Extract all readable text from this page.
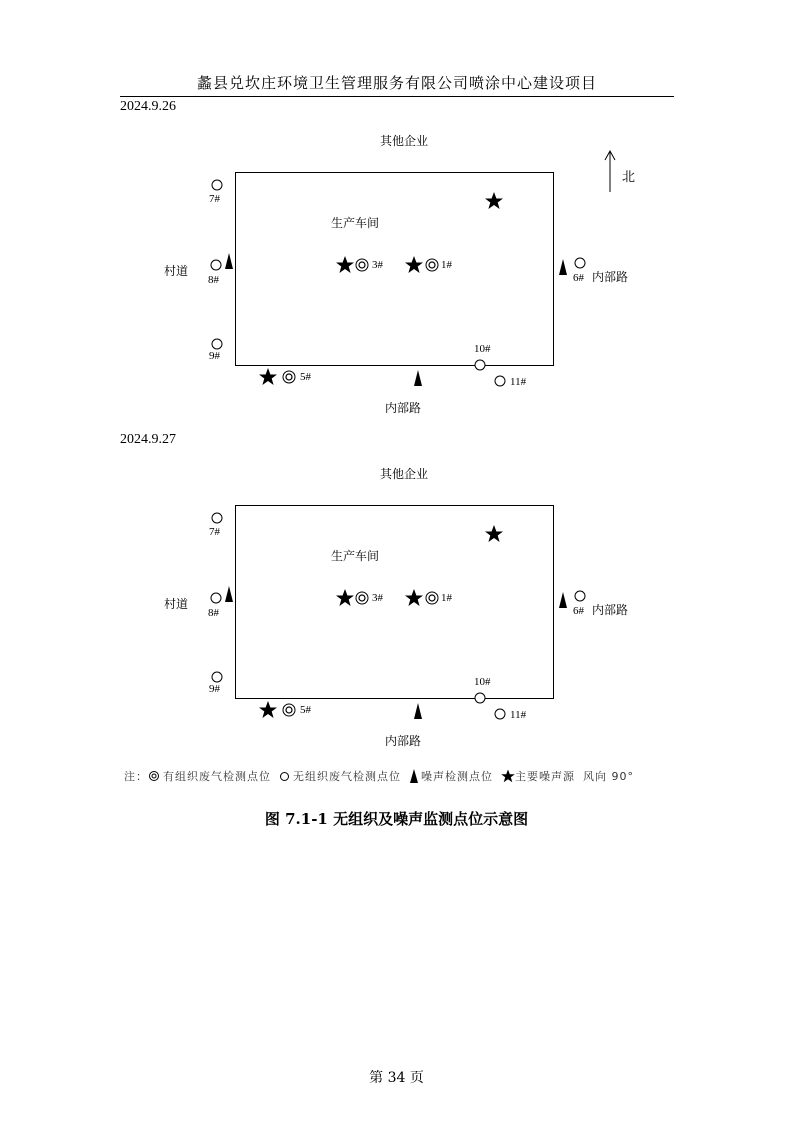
蠡县兑坎庄环境卫生管理服务有限公司喷涂中心建设项目
2024.9.26
其他企业
北
生产车间
村道	内部路
内部路
7#
8#
9#
3#	1#
6#
10#
5#	11#
2024.9.27
其他企业
生产车间
村道	内部路
内部路
7#
8#
9#
3#	1#
6#
10#
5#	11#
注： 有组织废气检测点位 无组织废气检测点位 噪声检测点位 主要噪声源 风向 90°
图 7.1-1 无组织及噪声监测点位示意图
第 34 页
